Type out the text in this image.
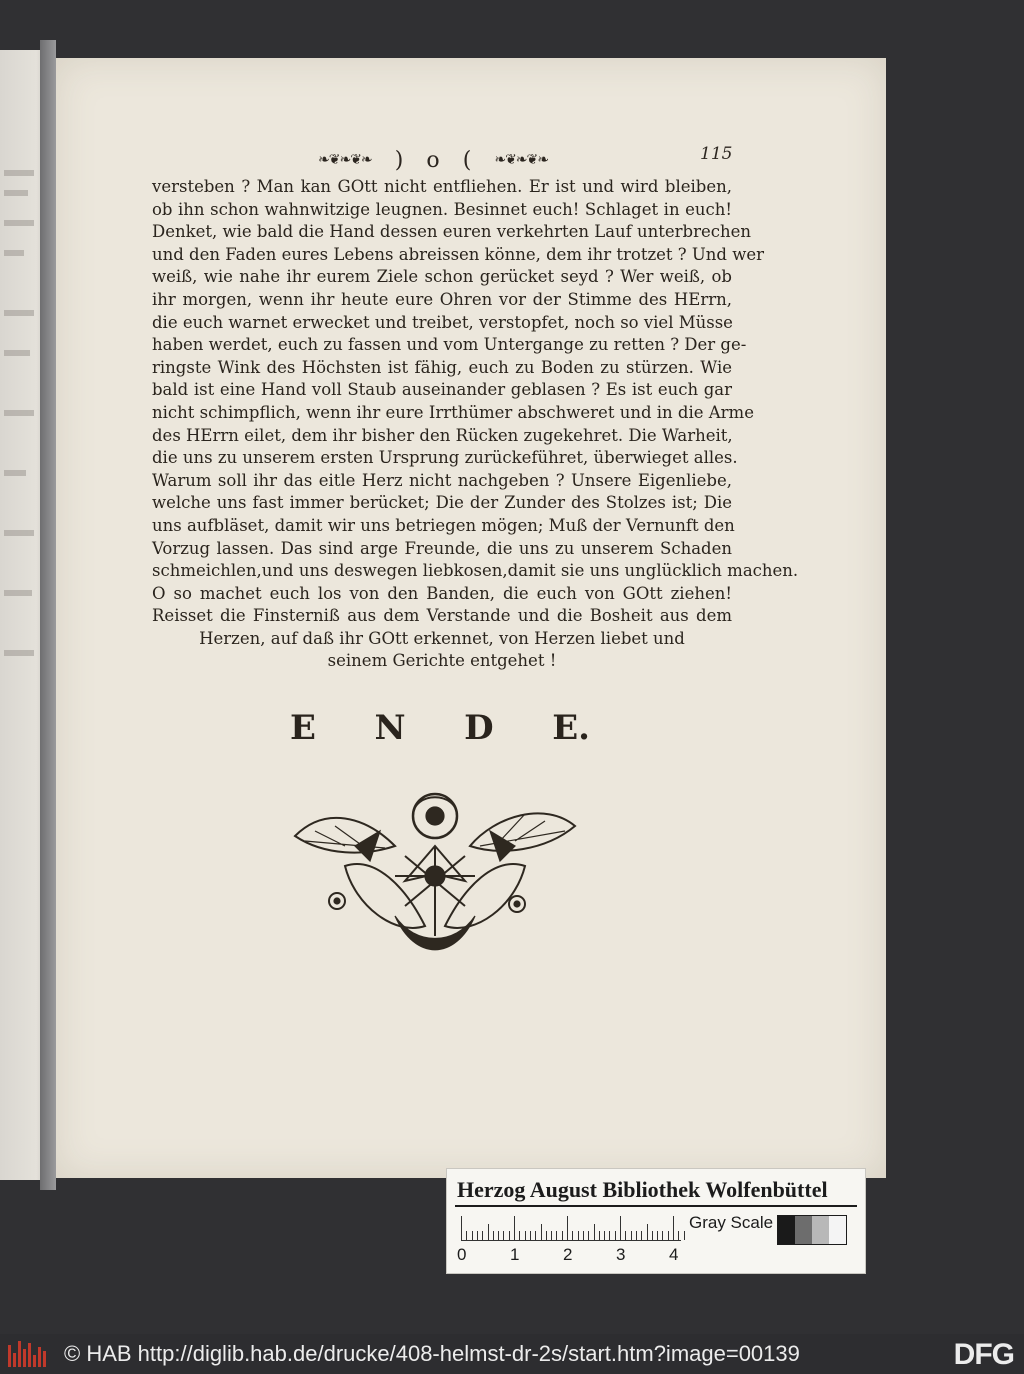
❧❦❧❦❧ ) o ( ❧❦❧❦❧	115
versteben ? Man kan GOtt nicht entfliehen. Er ist und wird bleiben,
ob ihn schon wahnwitzige leugnen. Besinnet euch! Schlaget in euch!
Denket, wie bald die Hand dessen euren verkehrten Lauf unterbrechen
und den Faden eures Lebens abreissen könne, dem ihr trotzet ? Und wer
weiß, wie nahe ihr eurem Ziele schon gerücket seyd ? Wer weiß, ob
ihr morgen, wenn ihr heute eure Ohren vor der Stimme des HErrn,
die euch warnet erwecket und treibet, verstopfet, noch so viel Müsse
haben werdet, euch zu fassen und vom Untergange zu retten ? Der ge-
ringste Wink des Höchsten ist fähig, euch zu Boden zu stürzen. Wie
bald ist eine Hand voll Staub auseinander geblasen ? Es ist euch gar
nicht schimpflich, wenn ihr eure Irrthümer abschweret und in die Arme
des HErrn eilet, dem ihr bisher den Rücken zugekehret. Die Warheit,
die uns zu unserem ersten Ursprung zurückeführet, überwieget alles.
Warum soll ihr das eitle Herz nicht nachgeben ? Unsere Eigenliebe,
welche uns fast immer berücket; Die der Zunder des Stolzes ist; Die
uns aufbläset, damit wir uns betriegen mögen; Muß der Vernunft den
Vorzug lassen. Das sind arge Freunde, die uns zu unserem Schaden
schmeichlen,und uns deswegen liebkosen,damit sie uns unglücklich machen.
O so machet euch los von den Banden, die euch von GOtt ziehen!
Reisset die Finsterniß aus dem Verstande und die Bosheit aus dem
Herzen, auf daß ihr GOtt erkennet, von Herzen liebet und
seinem Gerichte entgehet !
E N D E.
Herzog August Bibliothek Wolfenbüttel
0	1	2	3	4
Gray Scale
© HAB http://diglib.hab.de/drucke/408-helmst-dr-2s/start.htm?image=00139	DFG
